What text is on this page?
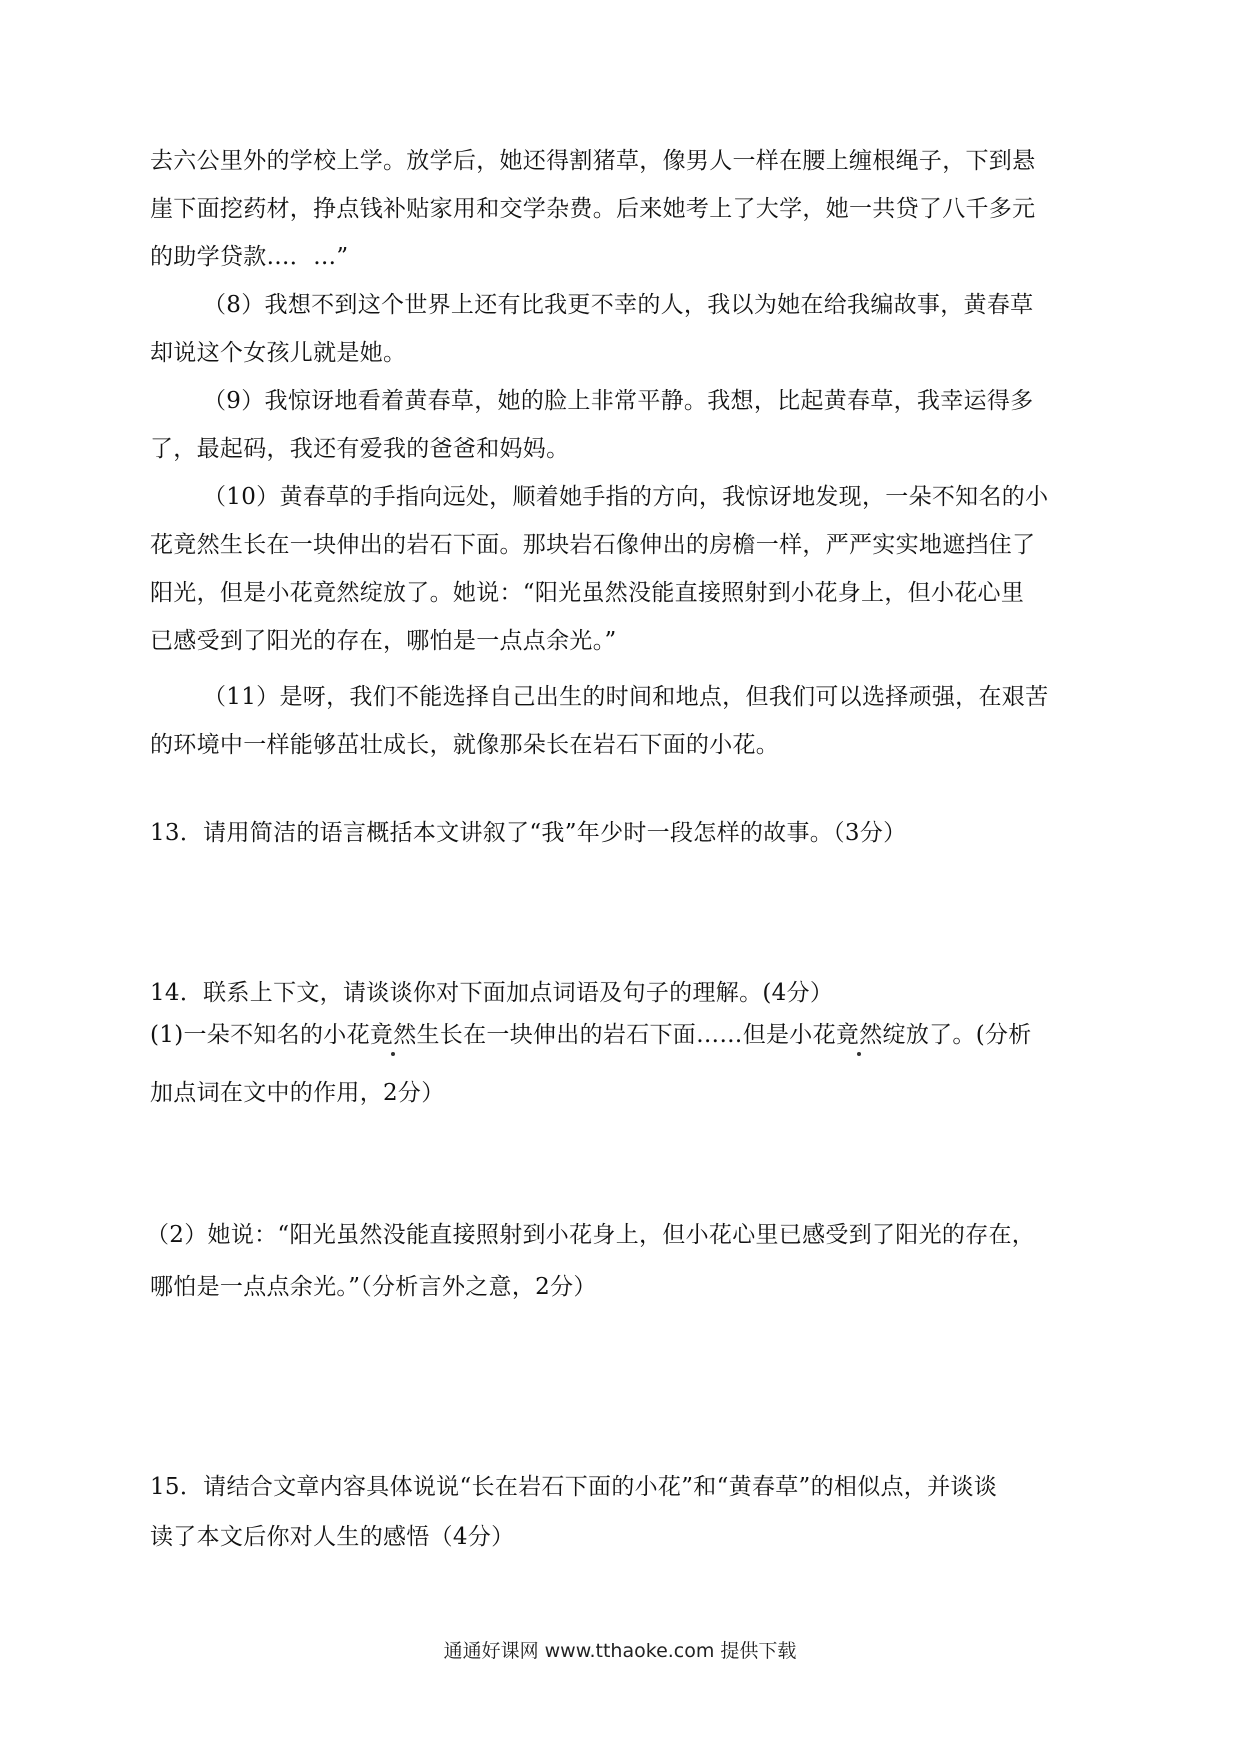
去六公里外的学校上学。放学后，她还得割猪草，像男人一样在腰上缠根绳子，下到悬
崖下面挖药材，挣点钱补贴家用和交学杂费。后来她考上了大学，她一共贷了八千多元
的助学贷款…．…”
（8）我想不到这个世界上还有比我更不幸的人，我以为她在给我编故事，黄春草
却说这个女孩儿就是她。
（9）我惊讶地看着黄春草，她的脸上非常平静。我想，比起黄春草，我幸运得多
了，最起码，我还有爱我的爸爸和妈妈。
（10）黄春草的手指向远处，顺着她手指的方向，我惊讶地发现，一朵不知名的小
花竟然生长在一块伸出的岩石下面。那块岩石像伸出的房檐一样，严严实实地遮挡住了
阳光，但是小花竟然绽放了。她说：“阳光虽然没能直接照射到小花身上，但小花心里
已感受到了阳光的存在，哪怕是一点点余光。”
（11）是呀，我们不能选择自己出生的时间和地点，但我们可以选择顽强，在艰苦
的环境中一样能够茁壮成长，就像那朵长在岩石下面的小花。
13．请用简洁的语言概括本文讲叙了“我”年少时一段怎样的故事。（3分）
14．联系上下文，请谈谈你对下面加点词语及句子的理解。(4分）
(1)一朵不知名的小花竟然生长在一块伸出的岩石下面……但是小花竟然绽放了。(分析
加点词在文中的作用，2分）
（2）她说：“阳光虽然没能直接照射到小花身上，但小花心里已感受到了阳光的存在，
哪怕是一点点余光。”（分析言外之意，2分）
15．请结合文章内容具体说说“长在岩石下面的小花”和“黄春草”的相似点，并谈谈
读了本文后你对人生的感悟（4分）
通通好课网 www.tthaoke.com 提供下载
